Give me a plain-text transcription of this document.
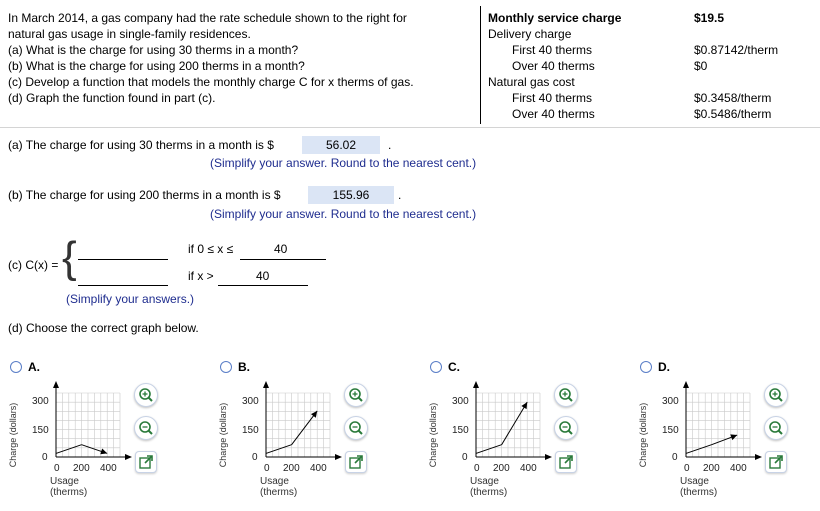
In March 2014, a gas company had the rate schedule shown to the right for
natural gas usage in single-family residences.
(a) What is the charge for using 30 therms in a month?
(b) What is the charge for using 200 therms in a month?
(c) Develop a function that models the monthly charge C for x therms of gas.
(d) Graph the function found in part (c).
Monthly service charge	$19.5
Delivery charge
First 40 therms	$0.87142/therm
Over 40 therms	$0
Natural gas cost
First 40 therms	$0.3458/therm
Over 40 therms	$0.5486/therm
(a) The charge for using 30 therms in a month is $	56.02	.
(Simplify your answer. Round to the nearest cent.)
(b) The charge for using 200 therms in a month is $	155.96	.
(Simplify your answer. Round to the nearest cent.)
(c) C(x) = {	if 0 ≤ x ≤	40
if x >	40
(Simplify your answers.)
(d) Choose the correct graph below.
A.
Charge (dollars)
300
150
0
0 200 400
Usage (therms)
B.
Charge (dollars)
300
150
0
0 200 400
Usage (therms)
C.
Charge (dollars)
300
150
0
0 200 400
Usage (therms)
D.
Charge (dollars)
300
150
0
0 200 400
Usage (therms)
